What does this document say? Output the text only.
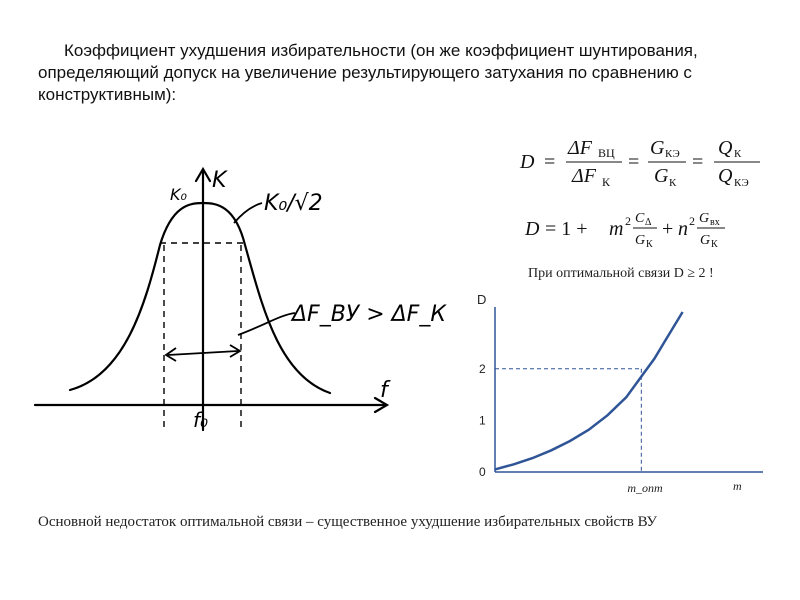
Коэффициент ухудшения избирательности (он же коэффициент шунтирования, определяющий допуск на увеличение результирующего затухания по сравнению с конструктивным):
D =
ΔF ВЦ
ΔF К
=
G КЭ
G К
=
Q К
Q КЭ
D = 1 + m 2 C Δ
G К
+ n 2 G вх
G К
При оптимальной связи D ≥ 2 !
K
K₀	K₀/√2
ΔF_ВУ > ΔF_К
f
f₀
D
0
1
2
m
m_опт
Основной недостаток оптимальной связи – существенное ухудшение избирательных свойств ВУ
